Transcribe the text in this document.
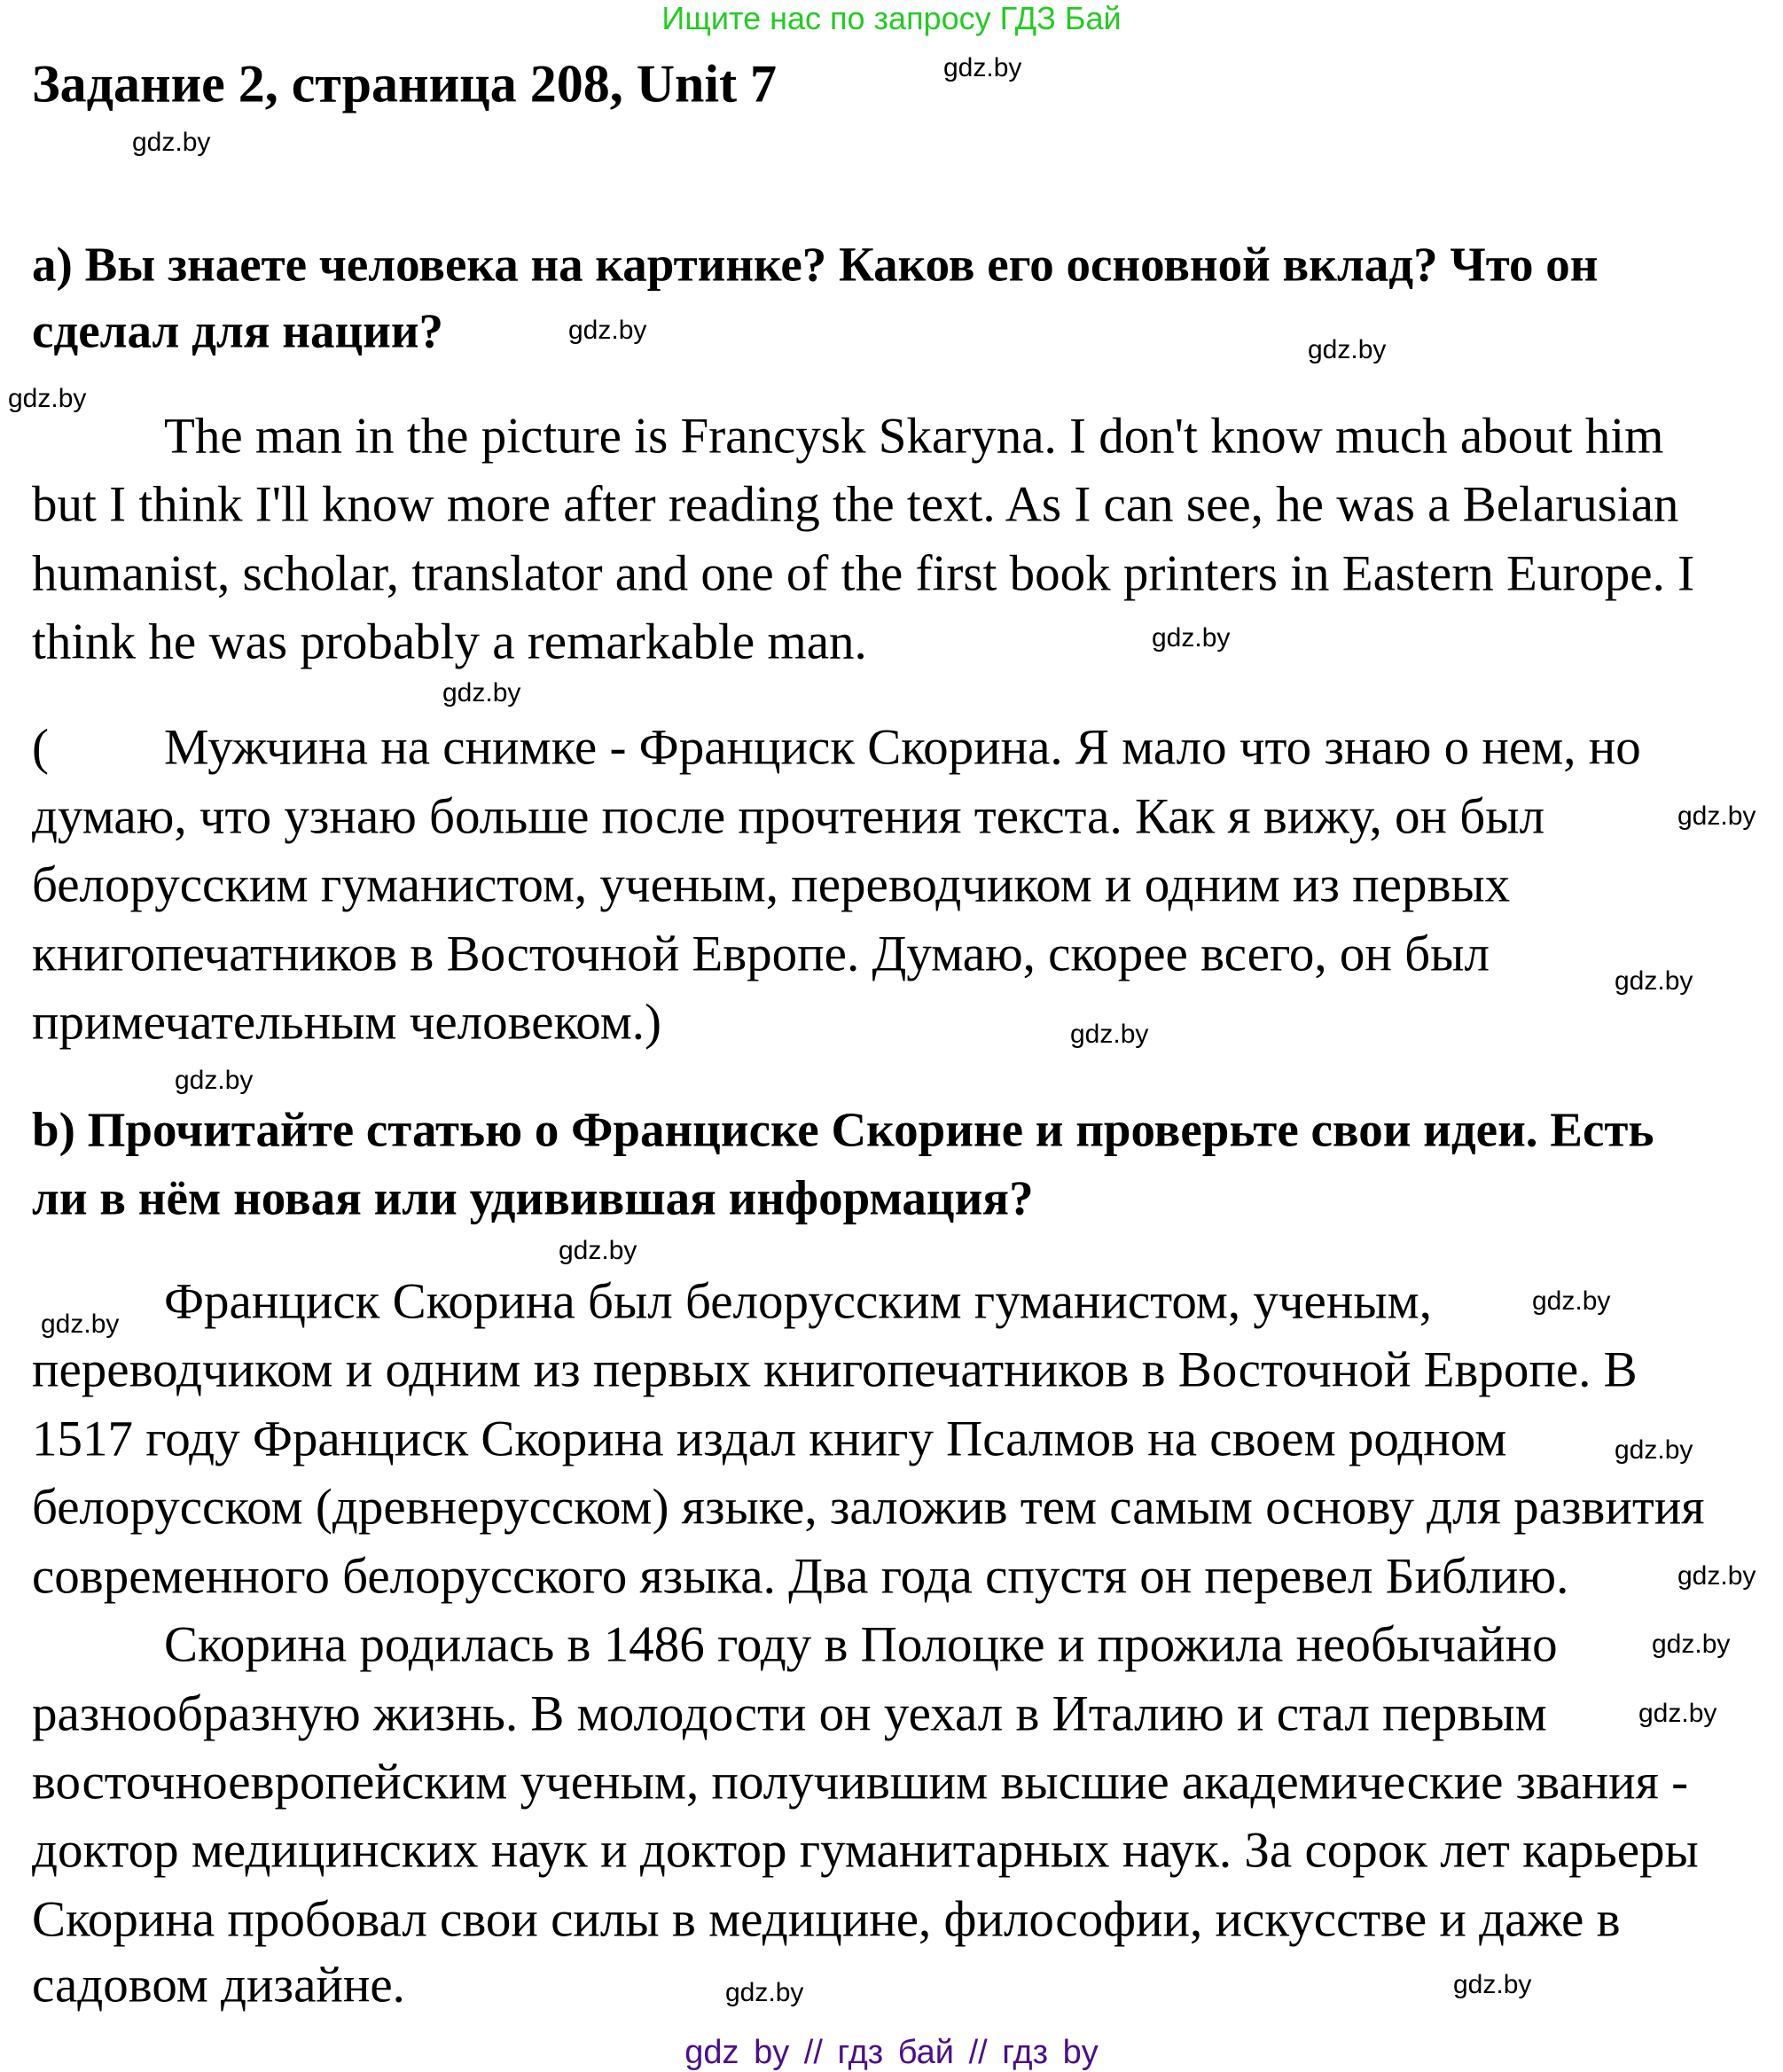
Ищите нас по запросу ГДЗ Бай
Задание 2, страница 208, Unit 7
a) Вы знаете человека на картинке? Каков его основной вклад? Что он
сделал для нации?
The man in the picture is Francysk Skaryna. I don't know much about him
but I think I'll know more after reading the text. As I can see, he was a Belarusian
humanist, scholar, translator and one of the first book printers in Eastern Europe. I
think he was probably a remarkable man.
( Мужчина на снимке - Франциск Скорина. Я мало что знаю о нем, но
думаю, что узнаю больше после прочтения текста. Как я вижу, он был
белорусским гуманистом, ученым, переводчиком и одним из первых
книгопечатников в Восточной Европе. Думаю, скорее всего, он был
примечательным человеком.)
b) Прочитайте статью о Франциске Скорине и проверьте свои идеи. Есть
ли в нём новая или удивившая информация?
Франциск Скорина был белорусским гуманистом, ученым,
переводчиком и одним из первых книгопечатников в Восточной Европе. В
1517 году Франциск Скорина издал книгу Псалмов на своем родном
белорусском (древнерусском) языке, заложив тем самым основу для развития
современного белорусского языка. Два года спустя он перевел Библию.
Скорина родилась в 1486 году в Полоцке и прожила необычайно
разнообразную жизнь. В молодости он уехал в Италию и стал первым
восточноевропейским ученым, получившим высшие академические звания -
доктор медицинских наук и доктор гуманитарных наук. За сорок лет карьеры
Скорина пробовал свои силы в медицине, философии, искусстве и даже в
садовом дизайне.
gdz.by
gdz.by
gdz.by
gdz.by
gdz.by
gdz.by
gdz.by
gdz.by
gdz.by
gdz.by
gdz.by
gdz.by
gdz.by
gdz.by
gdz.by
gdz.by
gdz.by
gdz.by
gdz.by
gdz.by
gdz by // гдз бай // гдз by
